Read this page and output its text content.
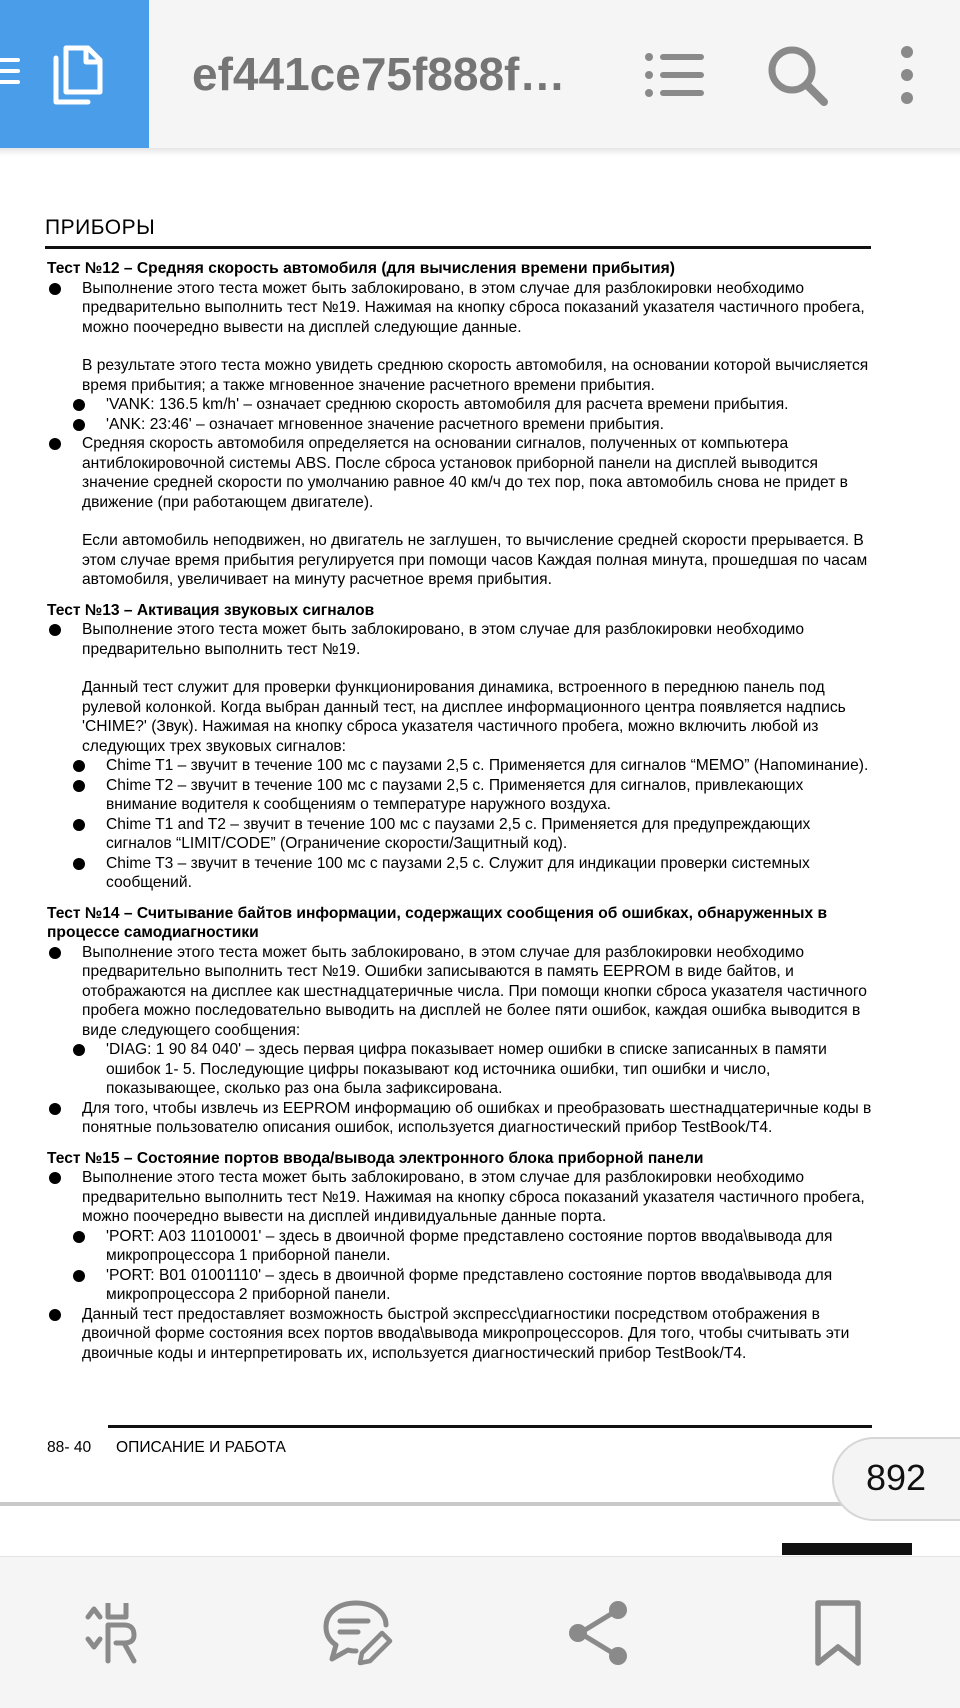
ef441ce75f888f…
ПРИБОРЫ

Тест №12 – Средняя скорость автомобиля (для вычисления времени прибытия)

Выполнение этого теста может быть заблокировано, в этом случае для разблокировки необходимо предварительно выполнить тест №19. Нажимая на кнопку сброса показаний указателя частичного пробега, можно поочередно вывести на дисплей следующие данные.
В результате этого теста можно увидеть среднюю скорость автомобиля, на основании которой вычисляется время прибытия; а также мгновенное значение расчетного времени прибытия.
'VANK: 136.5 km/h' – означает среднюю скорость автомобиля для расчета времени прибытия.
'ANK: 23:46' – означает мгновенное значение расчетного времени прибытия.
Средняя скорость автомобиля определяется на основании сигналов, полученных от компьютера антиблокировочной системы ABS. После сброса установок приборной панели на дисплей выводится значение средней скорости по умолчанию равное 40 км/ч до тех пор, пока автомобиль снова не придет в движение (при работающем двигателе).
Если автомобиль неподвижен, но двигатель не заглушен, то вычисление средней скорости прерывается. В этом случае время прибытия регулируется при помощи часов Каждая полная минута, прошедшая по часам автомобиля, увеличивает на минуту расчетное время прибытия.

Тест №13 – Активация звуковых сигналов

Выполнение этого теста может быть заблокировано, в этом случае для разблокировки необходимо предварительно выполнить тест №19.
Данный тест служит для проверки функционирования динамика, встроенного в переднюю панель под рулевой колонкой. Когда выбран данный тест, на дисплее информационного центра появляется надпись 'CHIME?' (Звук). Нажимая на кнопку сброса указателя частичного пробега, можно включить любой из следующих трех звуковых сигналов:
Chime T1 – звучит в течение 100 мс с паузами 2,5 с. Применяется для сигналов “MEMO” (Напоминание).
Chime T2 – звучит в течение 100 мс с паузами 2,5 с. Применяется для сигналов, привлекающих внимание водителя к сообщениям о температуре наружного воздуха.
Chime T1 and T2 – звучит в течение 100 мс с паузами 2,5 с. Применяется для предупреждающих сигналов “LIMIT/CODE” (Ограничение скорости/Защитный код).
Chime T3 – звучит в течение 100 мс с паузами 2,5 с. Служит для индикации проверки системных сообщений.

Тест №14 – Считывание байтов информации, содержащих сообщения об ошибках, обнаруженных в процессе самодиагностики

Выполнение этого теста может быть заблокировано, в этом случае для разблокировки необходимо предварительно выполнить тест №19. Ошибки записываются в память EEPROM в виде байтов, и отображаются на дисплее как шестнадцатеричные числа. При помощи кнопки сброса указателя частичного пробега можно последовательно выводить на дисплей не более пяти ошибок, каждая ошибка выводится в виде следующего сообщения:
'DIAG: 1 90 84 040' – здесь первая цифра показывает номер ошибки в списке записанных в памяти ошибок 1- 5. Последующие цифры показывают код источника ошибки, тип ошибки и число, показывающее, сколько раз она была зафиксирована.
Для того, чтобы извлечь из EEPROM информацию об ошибках и преобразовать шестнадцатеричные коды в понятные пользователю описания ошибок, используется диагностический прибор TestBook/T4.

Тест №15 – Состояние портов ввода/вывода электронного блока приборной панели

Выполнение этого теста может быть заблокировано, в этом случае для разблокировки необходимо предварительно выполнить тест №19. Нажимая на кнопку сброса показаний указателя частичного пробега, можно поочередно вывести на дисплей индивидуальные данные порта.
'PORT: A03 11010001' – здесь в двоичной форме представлено состояние портов ввода\вывода для микропроцессора 1 приборной панели.
'PORT: B01 01001110' – здесь в двоичной форме представлено состояние портов ввода\вывода для микропроцессора 2 приборной панели.
Данный тест предоставляет возможность быстрой экспресс\диагностики посредством отображения в двоичной форме состояния всех портов ввода\вывода микропроцессоров. Для того, чтобы считывать эти двоичные коды и интерпретировать их, используется диагностический прибор TestBook/T4.
88- 40 ОПИСАНИЕ И РАБОТА
892
